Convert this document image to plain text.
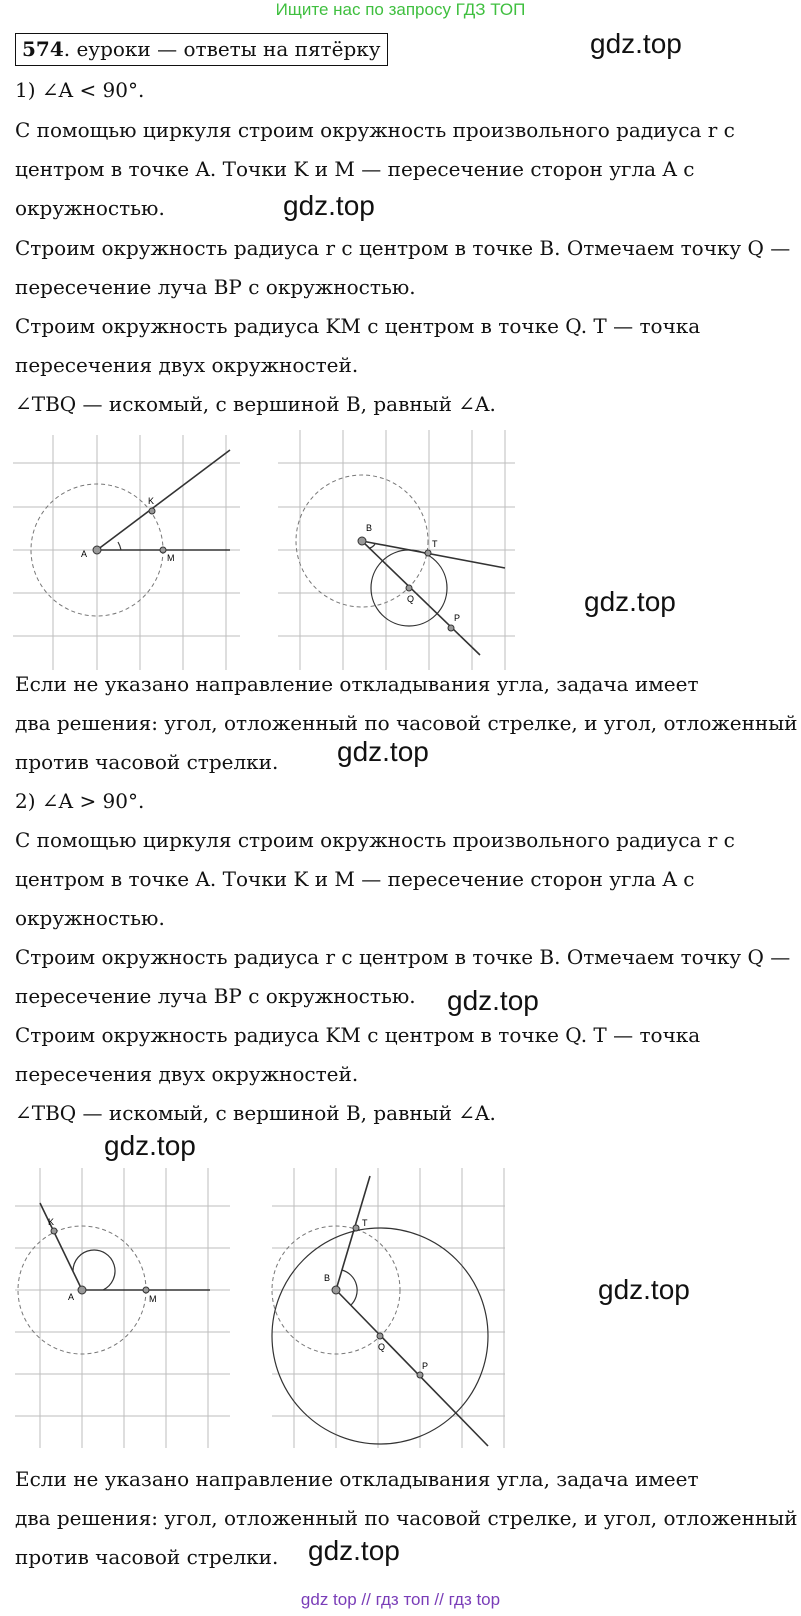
Ищите нас по запросу ГДЗ ТОП
574. еуроки — ответы на пятёрку	gdz.top
1) ∠A < 90°.
С помощью циркуля строим окружность произвольного радиуса r с
центром в точке A. Точки K и M — пересечение сторон угла A с
окружностью.	gdz.top
Строим окружность радиуса r с центром в точке B. Отмечаем точку Q —
пересечение луча BP с окружностью.
Строим окружность радиуса KM с центром в точке Q. T — точка
пересечения двух окружностей.
∠TBQ — искомый, с вершиной B, равный ∠A.
A
K
M
B
T
Q
P
gdz.top
Если не указано направление откладывания угла, задача имеет
два решения: угол, отложенный по часовой стрелке, и угол, отложенный
против часовой стрелки. gdz.top
2) ∠A > 90°.
С помощью циркуля строим окружность произвольного радиуса r с
центром в точке A. Точки K и M — пересечение сторон угла A с
окружностью.
Строим окружность радиуса r с центром в точке B. Отмечаем точку Q —
пересечение луча BP с окружностью. gdz.top
Строим окружность радиуса KM с центром в точке Q. T — точка
пересечения двух окружностей.
∠TBQ — искомый, с вершиной B, равный ∠A.
gdz.top
A
K
M
B
T
Q
P
gdz.top
Если не указано направление откладывания угла, задача имеет
два решения: угол, отложенный по часовой стрелке, и угол, отложенный
против часовой стрелки. gdz.top
gdz top // гдз топ // гдз top
